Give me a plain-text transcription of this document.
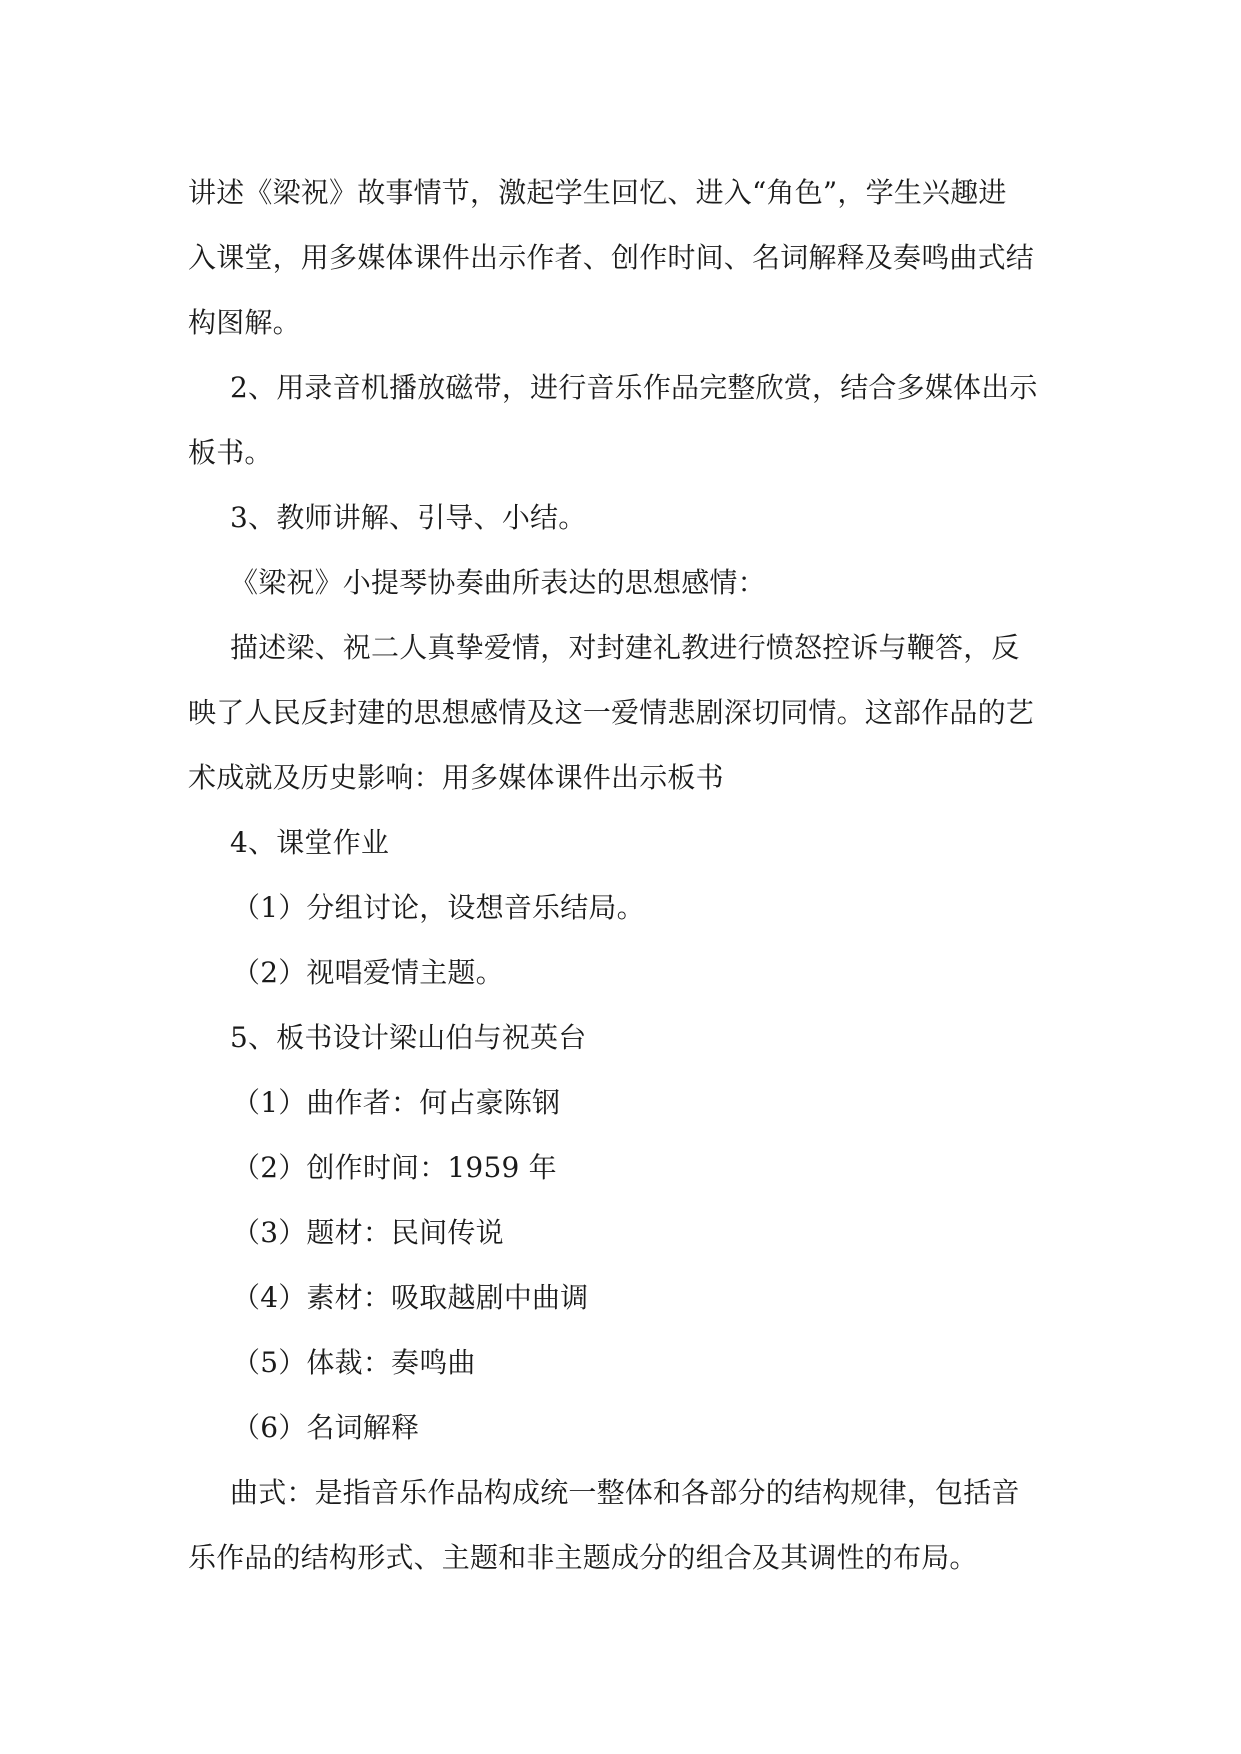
讲述《梁祝》故事情节，激起学生回忆、进入“角色”，学生兴趣进
入课堂，用多媒体课件出示作者、创作时间、名词解释及奏鸣曲式结
构图解。
2、用录音机播放磁带，进行音乐作品完整欣赏，结合多媒体出示
板书。
3、教师讲解、引导、小结。
《梁祝》小提琴协奏曲所表达的思想感情：
描述梁、祝二人真挚爱情，对封建礼教进行愤怒控诉与鞭答，反
映了人民反封建的思想感情及这一爱情悲剧深切同情。这部作品的艺
术成就及历史影响：用多媒体课件出示板书
4、课堂作业
（1）分组讨论，设想音乐结局。
（2）视唱爱情主题。
5、板书设计梁山伯与祝英台
（1）曲作者：何占豪陈钢
（2）创作时间：1959 年
（3）题材：民间传说
（4）素材：吸取越剧中曲调
（5）体裁：奏鸣曲
（6）名词解释
曲式：是指音乐作品构成统一整体和各部分的结构规律，包括音
乐作品的结构形式、主题和非主题成分的组合及其调性的布局。
